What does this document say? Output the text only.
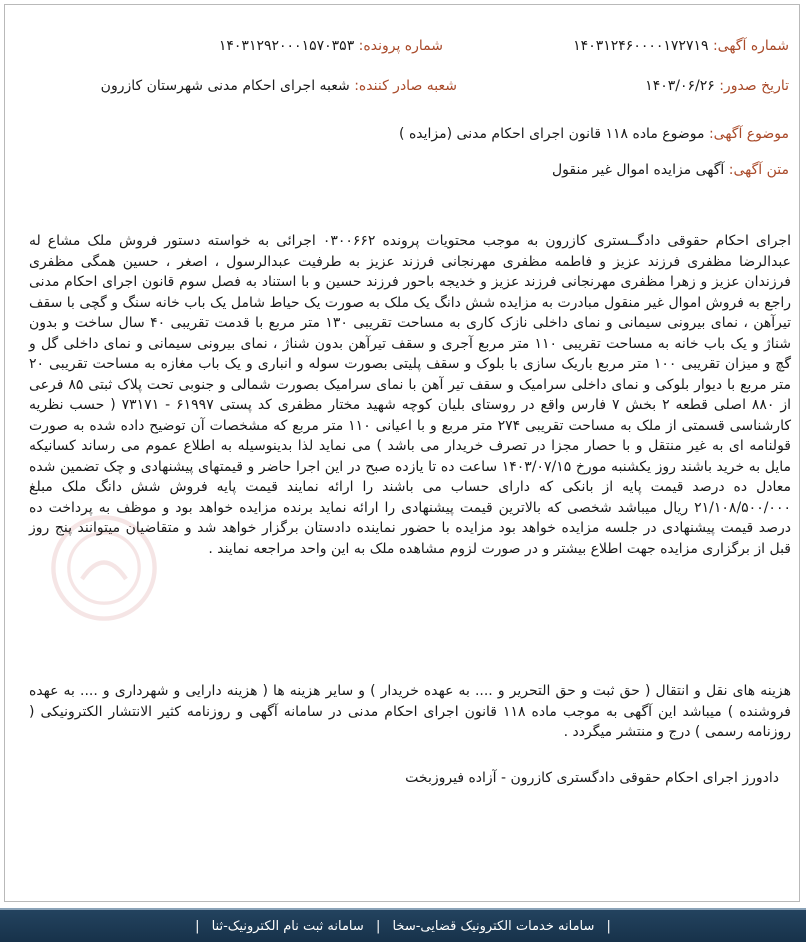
شماره آگهی: ۱۴۰۳۱۲۴۶۰۰۰۰۱۷۲۷۱۹
شماره پرونده: ۱۴۰۳۱۲۹۲۰۰۰۱۵۷۰۳۵۳
تاریخ صدور: ۱۴۰۳/۰۶/۲۶
شعبه صادر کننده: شعبه اجرای احکام مدنی شهرستان کازرون
موضوع آگهی: موضوع ماده ۱۱۸ قانون اجرای احکام مدنی (مزایده )
متن آگهی: آگهی مزایده اموال غیر منقول
اجرای احکام حقوقی دادگــستری کازرون به موجب محتویات پرونده ۰۳۰۰۶۶۲ اجرائی به خواسته دستور فروش ملک مشاع له عبدالرضا مظفری فرزند عزیز و فاطمه مظفری مهرنجانی فرزند عزیز به طرفیت عبدالرسول ، اصغر ، حسین همگی مظفری فرزندان عزیز و زهرا مظفری مهرنجانی فرزند عزیز و خدیجه باحور فرزند حسین و با استناد به فصل سوم قانون اجرای احکام مدنی راجع به فروش اموال غیر منقول مبادرت به مزایده شش دانگ یک ملک به صورت یک حیاط شامل یک باب خانه سنگ و گچی با سقف تیرآهن ، نمای بیرونی سیمانی و نمای داخلی نازک کاری به مساحت تقریبی ۱۳۰ متر مربع با قدمت تقریبی ۴۰ سال ساخت و بدون شناژ و یک باب خانه به مساحت تقریبی ۱۱۰ متر مربع آجری و سقف تیرآهن بدون شناژ ، نمای بیرونی سیمانی و نمای داخلی گل و گچ و میزان تقریبی ۱۰۰ متر مربع باریک سازی با بلوک و سقف پلیتی بصورت سوله و انباری و یک باب مغازه به مساحت تقریبی ۲۰ متر مربع با دیوار بلوکی و نمای داخلی سرامیک و سقف تیر آهن با نمای سرامیک بصورت شمالی و جنوبی تحت پلاک ثبتی ۸۵ فرعی از ۸۸۰ اصلی قطعه ۲ بخش ۷ فارس واقع در روستای بلیان کوچه شهید مختار مظفری کد پستی ۶۱۹۹۷ - ۷۳۱۷۱ ( حسب نظریه کارشناسی قسمتی از ملک به مساحت تقریبی ۲۷۴ متر مربع و با اعیانی ۱۱۰ متر مربع که مشخصات آن توضیح داده شده به صورت قولنامه ای به غیر منتقل و با حصار مجزا در تصرف خریدار می باشد ) می نماید لذا بدینوسیله به اطلاع عموم می رساند کسانیکه مایل به خرید باشند روز یکشنبه مورخ ۱۴۰۳/۰۷/۱۵ ساعت ده تا یازده صبح در این اجرا حاضر و قیمتهای پیشنهادی و چک تضمین شده معادل ده درصد قیمت پایه از بانکی که دارای حساب می باشند را ارائه نمایند قیمت پایه فروش شش دانگ ملک مبلغ ۲۱/۱۰۸/۵۰۰/۰۰۰ ریال میباشد شخصی که بالاترین قیمت پیشنهادی را ارائه نماید برنده مزایده خواهد بود و موظف به پرداخت ده درصد قیمت پیشنهادی در جلسه مزایده خواهد بود مزایده با حضور نماینده دادستان برگزار خواهد شد و متقاضیان میتوانند پنج روز قبل از برگزاری مزایده جهت اطلاع بیشتر و در صورت لزوم مشاهده ملک به این واحد مراجعه نمایند .
هزینه های نقل و انتقال ( حق ثبت و حق التحریر و .... به عهده خریدار ) و سایر هزینه ها ( هزینه دارایی و شهرداری و .... به عهده فروشنده ) میباشد این آگهی به موجب ماده ۱۱۸ قانون اجرای احکام مدنی در سامانه آگهی و روزنامه کثیر الانتشار الکترونیکی ( روزنامه رسمی ) درج و منتشر میگردد .
دادورز اجرای احکام حقوقی دادگستری کازرون - آزاده فیروزبخت
| سامانه خدمات الکترونیک قضایی-سخا | سامانه ثبت نام الکترونیک-ثنا |
